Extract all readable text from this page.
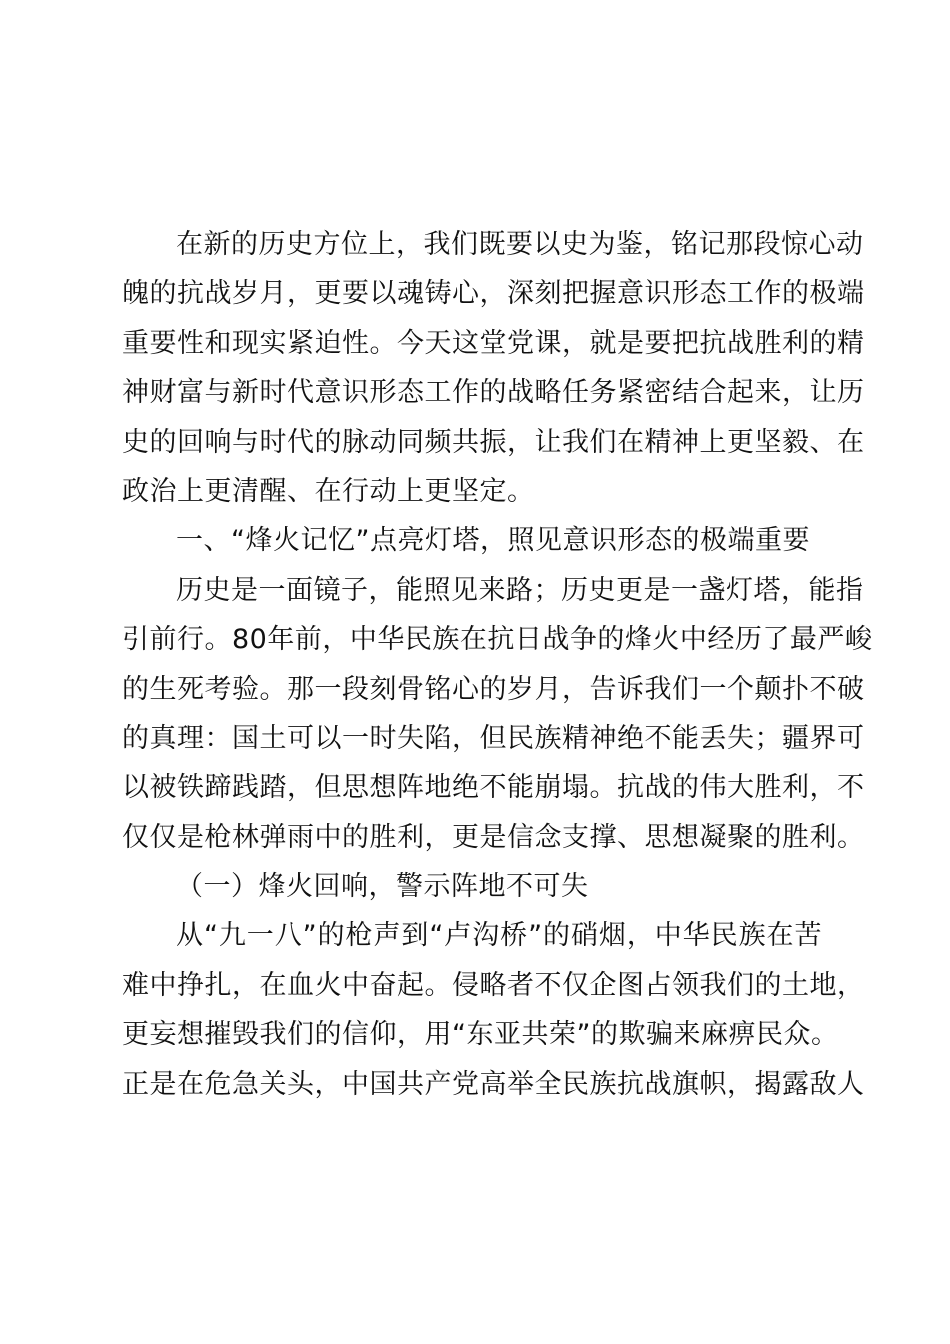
在新的历史方位上，我们既要以史为鉴，铭记那段惊心动
魄的抗战岁月，更要以魂铸心，深刻把握意识形态工作的极端
重要性和现实紧迫性。今天这堂党课，就是要把抗战胜利的精
神财富与新时代意识形态工作的战略任务紧密结合起来，让历
史的回响与时代的脉动同频共振，让我们在精神上更坚毅、在
政治上更清醒、在行动上更坚定。
一、“烽火记忆”点亮灯塔，照见意识形态的极端重要
历史是一面镜子，能照见来路；历史更是一盏灯塔，能指
引前行。80年前，中华民族在抗日战争的烽火中经历了最严峻
的生死考验。那一段刻骨铭心的岁月，告诉我们一个颠扑不破
的真理：国土可以一时失陷，但民族精神绝不能丢失；疆界可
以被铁蹄践踏，但思想阵地绝不能崩塌。抗战的伟大胜利，不
仅仅是枪林弹雨中的胜利，更是信念支撑、思想凝聚的胜利。
（一）烽火回响，警示阵地不可失
从“九一八”的枪声到“卢沟桥”的硝烟，中华民族在苦
难中挣扎，在血火中奋起。侵略者不仅企图占领我们的土地，
更妄想摧毁我们的信仰，用“东亚共荣”的欺骗来麻痹民众。
正是在危急关头，中国共产党高举全民族抗战旗帜，揭露敌人
